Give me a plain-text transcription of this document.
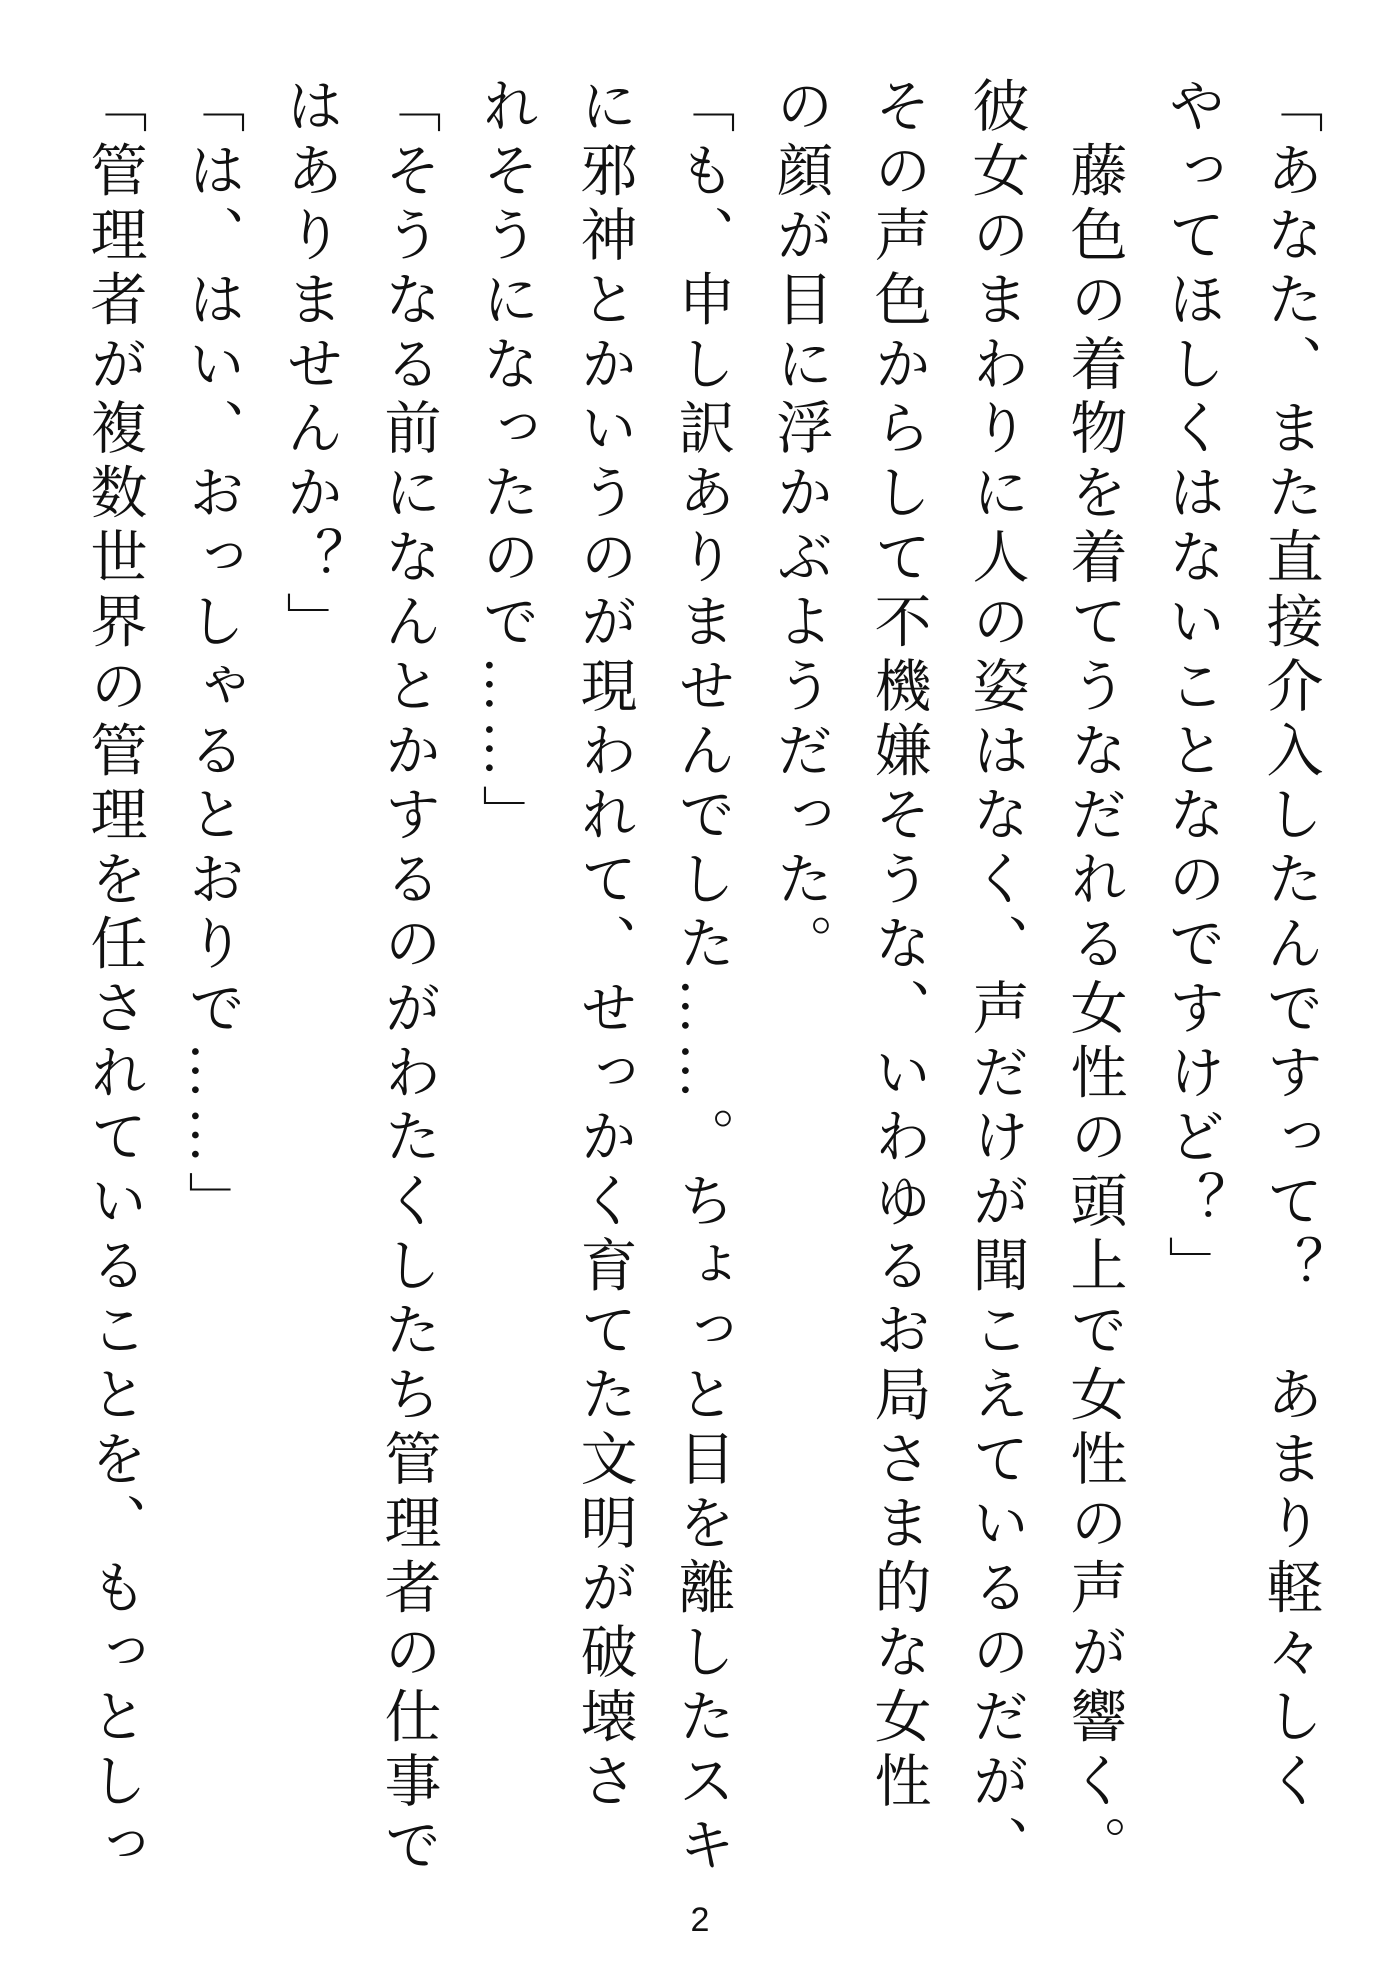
「あなた、また直接介入したんですって？　あまり軽々しく
やってほしくはないことなのですけど？」
　藤色の着物を着てうなだれる女性の頭上で女性の声が響く。
彼女のまわりに人の姿はなく、声だけが聞こえているのだが、
その声色からして不機嫌そうな、いわゆるお局さま的な女性
の顔が目に浮かぶようだった。
「も、申し訳ありませんでした……。ちょっと目を離したスキ
に邪神とかいうのが現われて、せっかく育てた文明が破壊さ
れそうになったので……」
「そうなる前になんとかするのがわたくしたち管理者の仕事で
はありませんか？」
「は、はい、おっしゃるとおりで……」
「管理者が複数世界の管理を任されていることを、もっとしっ
2
